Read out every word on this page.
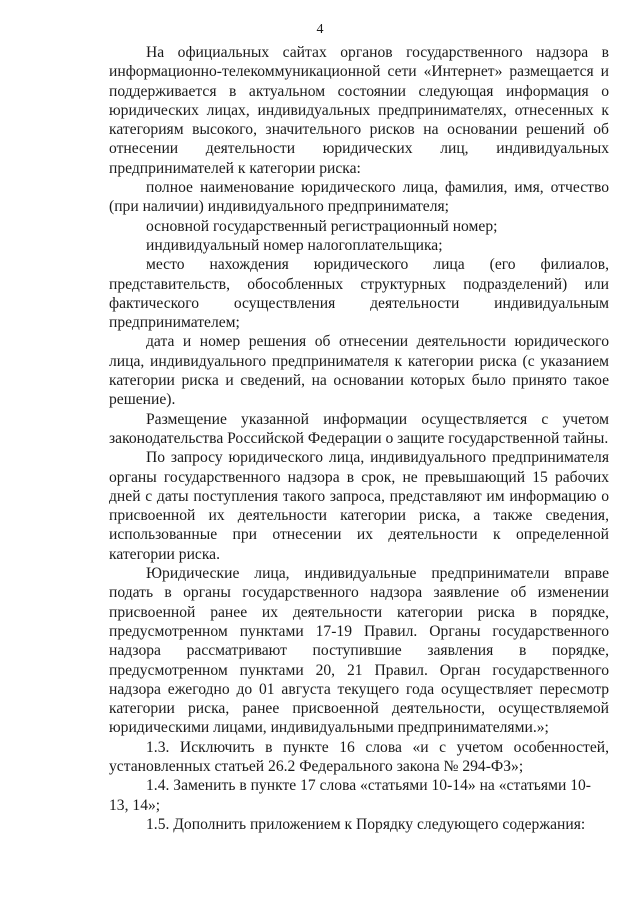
4

На официальных сайтах органов государственного надзора в информационно-телекоммуникационной сети «Интернет» размещается и поддерживается в актуальном состоянии следующая информация о юридических лицах, индивидуальных предпринимателях, отнесенных к категориям высокого, значительного рисков на основании решений об отнесении деятельности юридических лиц, индивидуальных предпринимателей к категории риска:

полное наименование юридического лица, фамилия, имя, отчество (при наличии) индивидуального предпринимателя;

основной государственный регистрационный номер;

индивидуальный номер налогоплательщика;

место нахождения юридического лица (его филиалов, представительств, обособленных структурных подразделений) или фактического осуществления деятельности индивидуальным предпринимателем;

дата и номер решения об отнесении деятельности юридического лица, индивидуального предпринимателя к категории риска (с указанием категории риска и сведений, на основании которых было принято такое решение).

Размещение указанной информации осуществляется с учетом законодательства Российской Федерации о защите государственной тайны.

По запросу юридического лица, индивидуального предпринимателя органы государственного надзора в срок, не превышающий 15 рабочих дней с даты поступления такого запроса, представляют им информацию о присвоенной их деятельности категории риска, а также сведения, использованные при отнесении их деятельности к определенной категории риска.

Юридические лица, индивидуальные предприниматели вправе подать в органы государственного надзора заявление об изменении присвоенной ранее их деятельности категории риска в порядке, предусмотренном пунктами 17-19 Правил. Органы государственного надзора рассматривают поступившие заявления в порядке, предусмотренном пунктами 20, 21 Правил. Орган государственного надзора ежегодно до 01 августа текущего года осуществляет пересмотр категории риска, ранее присвоенной деятельности, осуществляемой юридическими лицами, индивидуальными предпринимателями.»;

1.3. Исключить в пункте 16 слова «и с учетом особенностей, установленных статьей 26.2 Федерального закона № 294-ФЗ»;

1.4. Заменить в пункте 17 слова «статьями 10-14» на «статьями 10-13, 14»;

1.5. Дополнить приложением к Порядку следующего содержания:
